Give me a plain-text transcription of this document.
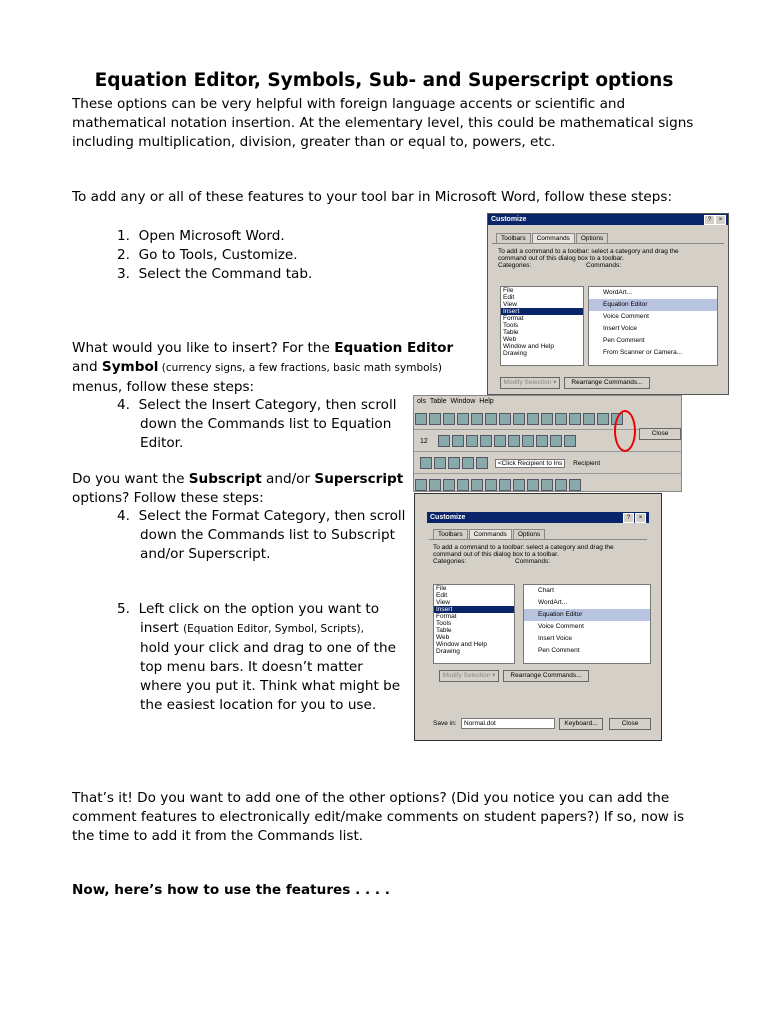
Equation Editor, Symbols, Sub- and Superscript options
These options can be very helpful with foreign language accents or scientific and
mathematical notation insertion. At the elementary level, this could be mathematical signs
including multiplication, division, greater than or equal to, powers, etc.
To add any or all of these features to your tool bar in Microsoft Word, follow these steps:
1. Open Microsoft Word.
2. Go to Tools, Customize.
3. Select the Command tab.
What would you like to insert? For the Equation Editor
and Symbol (currency signs, a few fractions, basic math symbols)
menus, follow these steps:
4. Select the Insert Category, then scroll
down the Commands list to Equation
Editor.
Do you want the Subscript and/or Superscript
options? Follow these steps:
4. Select the Format Category, then scroll
down the Commands list to Subscript
and/or Superscript.
5. Left click on the option you want to
insert (Equation Editor, Symbol, Scripts),
hold your click and drag to one of the
top menu bars. It doesn’t matter
where you put it. Think what might be
the easiest location for you to use.
That’s it! Do you want to add one of the other options? (Did you notice you can add the
comment features to electronically edit/make comments on student papers?) If so, now is
the time to add it from the Commands list.
Now, here’s how to use the features . . . .
Customize	?	×
Toolbars Commands Options
To add a command to a toolbar: select a category and drag the
command out of this dialog box to a toolbar.
Categories:	Commands:
File
Edit
View
Insert
Format
Tools
Table
Web
Window and Help
Drawing
WordArt...
Equation Editor
Voice Comment
Insert Voice
Pen Comment
From Scanner or Camera...
Modify Selection ▾	Rearrange Commands...
ols Table Window Help
12
<Click Recipient to Ins Recipient
Close
Customize	?	×
Toolbars Commands Options
To add a command to a toolbar: select a category and drag the
command out of this dialog box to a toolbar.
Categories:	Commands:
File
Edit
View
Insert
Format
Tools
Table
Web
Window and Help
Drawing
Chart
WordArt...
Equation Editor
Voice Comment
Insert Voice
Pen Comment
Modify Selection ▾	Rearrange Commands...
Save in:	Normal.dot	Keyboard...	Close
